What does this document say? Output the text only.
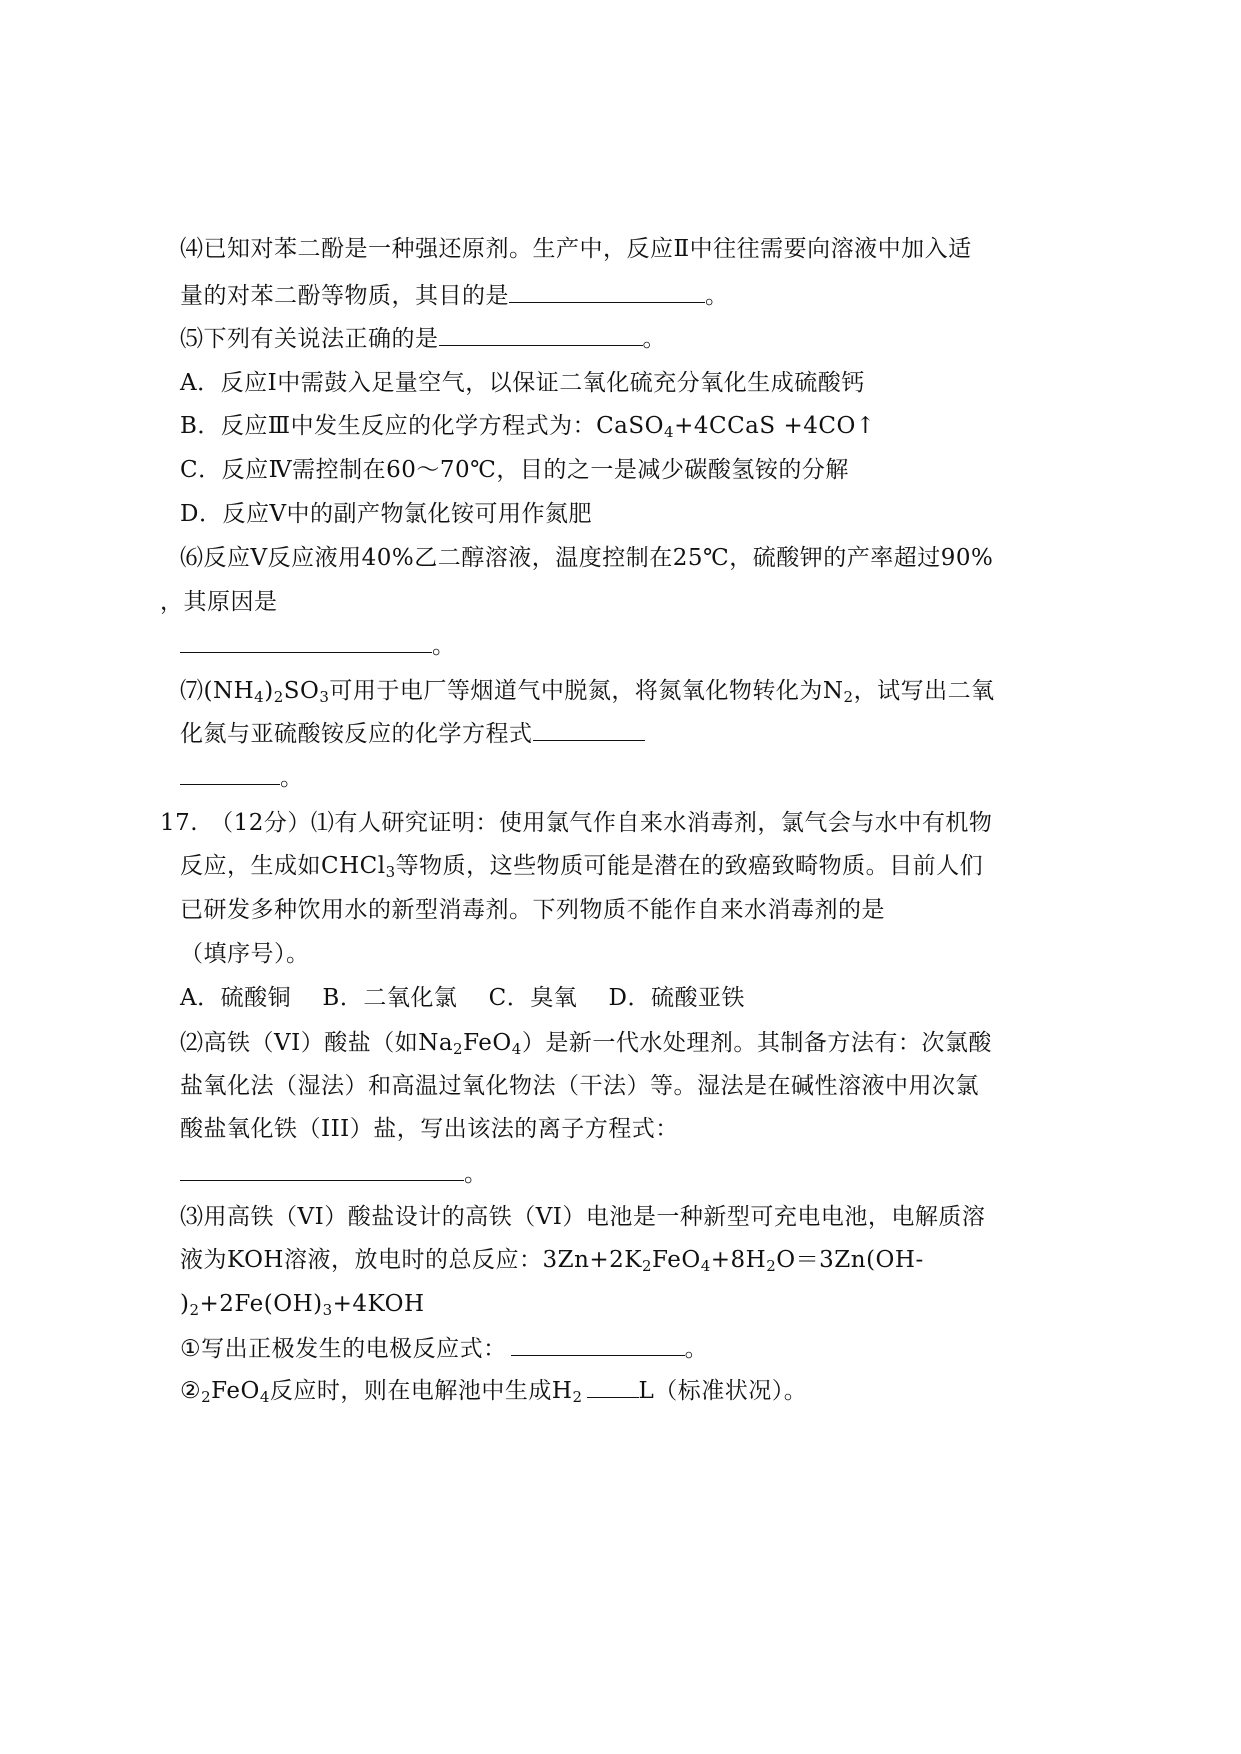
⑷已知对苯二酚是一种强还原剂。生产中，反应Ⅱ中往往需要向溶液中加入适
量的对苯二酚等物质，其目的是	。
⑸下列有关说法正确的是	。
A．反应Ⅰ中需鼓入足量空气，以保证二氧化硫充分氧化生成硫酸钙
B．反应Ⅲ中发生反应的化学方程式为：CaSO$_4$+4CCaS +4CO↑
C．反应Ⅳ需控制在60～70℃，目的之一是减少碳酸氢铵的分解
D．反应Ⅴ中的副产物氯化铵可用作氮肥
⑹反应Ⅴ反应液用40%乙二醇溶液，温度控制在25℃，硫酸钾的产率超过90%
，其原因是
。
$⑺(NH_4)_2SO_3$可用于电厂等烟道气中脱氮，将氮氧化物转化为$N_2$，试写出二氧
化氮与亚硫酸铵反应的化学方程式
。
17. （12分）⑴有人研究证明：使用氯气作自来水消毒剂，氯气会与水中有机物
反应，生成如CHCl$_3$等物质，这些物质可能是潜在的致癌致畸物质。目前人们
已研发多种饮用水的新型消毒剂。下列物质不能作自来水消毒剂的是
（填序号）。
A．硫酸铜　 B．二氧化氯　 C．臭氧　 D．硫酸亚铁
⑵高铁（VI）酸盐（如$Na_2FeO_4$）是新一代水处理剂。其制备方法有：次氯酸
盐氧化法（湿法）和高温过氧化物法（干法）等。湿法是在碱性溶液中用次氯
酸盐氧化铁（III）盐，写出该法的离子方程式：
。
⑶用高铁（VI）酸盐设计的高铁（VI）电池是一种新型可充电电池，电解质溶
液为KOH溶液，放电时的总反应：$3Zn+2K_2FeO_4+8H_2O=3Zn(OH-$
)$_2+2Fe(OH)_3+4KOH$
①写出正极发生的电极反应式：	。
$②_2FeO_4$反应时，则在电解池中生成$H_2$ L（标准状况）。
